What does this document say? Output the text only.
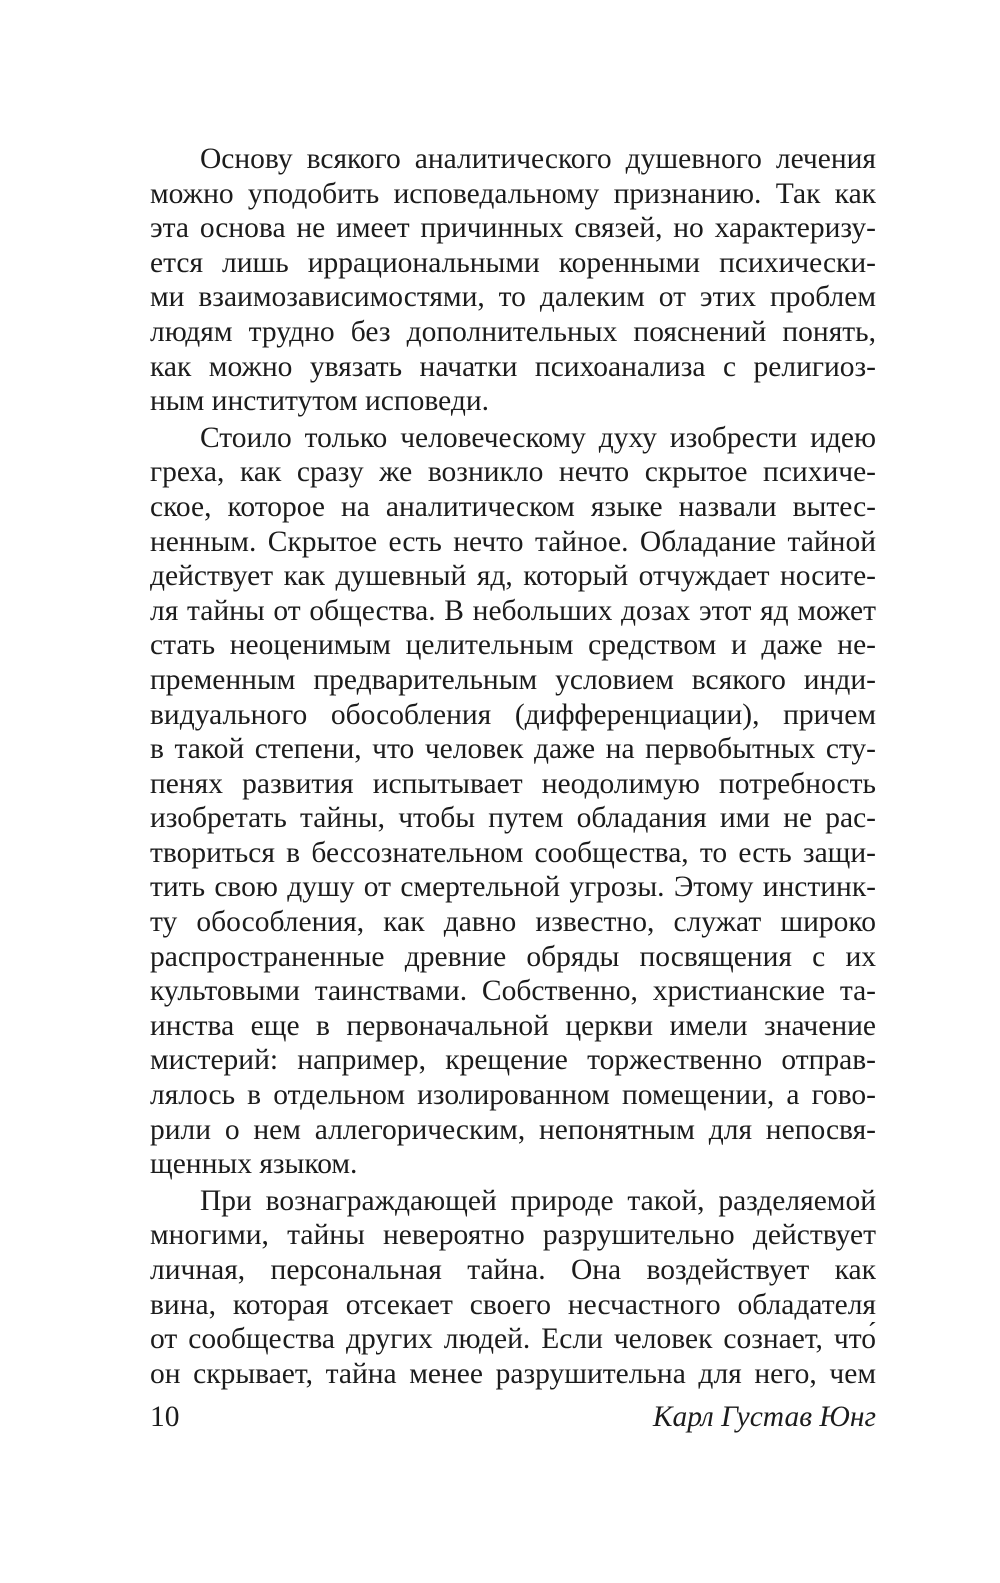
Основу всякого аналитического душевного лечения
можно уподобить исповедальному признанию. Так как
эта основа не имеет причинных связей, но характеризу-
ется лишь иррациональными коренными психически-
ми взаимозависимостями, то далеким от этих проблем
людям трудно без дополнительных пояснений понять,
как можно увязать начатки психоанализа с религиоз-
ным институтом исповеди.
Стоило только человеческому духу изобрести идею
греха, как сразу же возникло нечто скрытое психиче-
ское, которое на аналитическом языке назвали вытес-
ненным. Скрытое есть нечто тайное. Обладание тайной
действует как душевный яд, который отчуждает носите-
ля тайны от общества. В небольших дозах этот яд может
стать неоценимым целительным средством и даже не-
пременным предварительным условием всякого инди-
видуального обособления (дифференциации), причем
в такой степени, что человек даже на первобытных сту-
пенях развития испытывает неодолимую потребность
изобретать тайны, чтобы путем обладания ими не рас-
твориться в бессознательном сообщества, то есть защи-
тить свою душу от смертельной угрозы. Этому инстинк-
ту обособления, как давно известно, служат широко
распространенные древние обряды посвящения с их
культовыми таинствами. Собственно, христианские та-
инства еще в первоначальной церкви имели значение
мистерий: например, крещение торжественно отправ-
лялось в отдельном изолированном помещении, а гово-
рили о нем аллегорическим, непонятным для непосвя-
щенных языком.
При вознаграждающей природе такой, разделяемой
многими, тайны невероятно разрушительно действует
личная, персональная тайна. Она воздействует как
вина, которая отсекает своего несчастного обладателя
от сообщества других людей. Если человек сознает, что́
он скрывает, тайна менее разрушительна для него, чем
10	Карл Густав Юнг
